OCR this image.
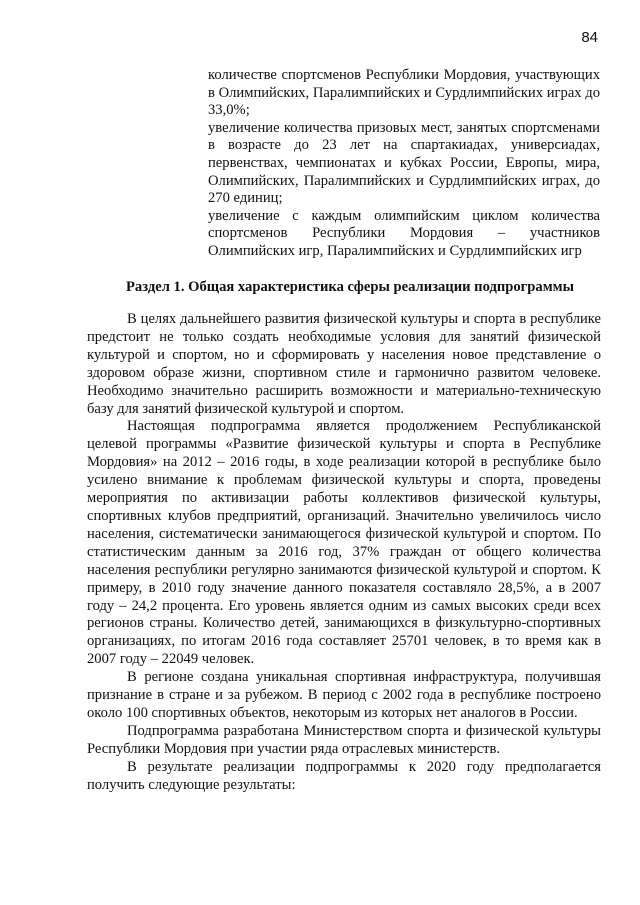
84

количестве спортсменов Республики Мордовия, участвующих в Олимпийских, Паралимпийских и Сурдлимпийских играх до 33,0%;

увеличение количества призовых мест, занятых спортсменами в возрасте до 23 лет на спартакиадах, универсиадах, первенствах, чемпионатах и кубках России, Европы, мира, Олимпийских, Паралимпийских и Сурдлимпийских играх, до 270 единиц;

увеличение с каждым олимпийским циклом количества спортсменов Республики Мордовия – участников Олимпийских игр, Паралимпийских и Сурдлимпийских игр

Раздел 1. Общая характеристика сферы реализации подпрограммы

В целях дальнейшего развития физической культуры и спорта в республике предстоит не только создать необходимые условия для занятий физической культурой и спортом, но и сформировать у населения новое представление о здоровом образе жизни, спортивном стиле и гармонично развитом человеке. Необходимо значительно расширить возможности и материально-техническую базу для занятий физической культурой и спортом.

Настоящая подпрограмма является продолжением Республиканской целевой программы «Развитие физической культуры и спорта в Республике Мордовия» на 2012 – 2016 годы, в ходе реализации которой в республике было усилено внимание к проблемам физической культуры и спорта, проведены мероприятия по активизации работы коллективов физической культуры, спортивных клубов предприятий, организаций. Значительно увеличилось число населения, систематически занимающегося физической культурой и спортом. По статистическим данным за 2016 год, 37% граждан от общего количества населения республики регулярно занимаются физической культурой и спортом. К примеру, в 2010 году значение данного показателя составляло 28,5%, а в 2007 году – 24,2 процента. Его уровень является одним из самых высоких среди всех регионов страны. Количество детей, занимающихся в физкультурно-спортивных организациях, по итогам 2016 года составляет 25701 человек, в то время как в 2007 году – 22049 человек.

В регионе создана уникальная спортивная инфраструктура, получившая признание в стране и за рубежом. В период с 2002 года в республике построено около 100 спортивных объектов, некоторым из которых нет аналогов в России.

Подпрограмма разработана Министерством спорта и физической культуры Республики Мордовия при участии ряда отраслевых министерств.

В результате реализации подпрограммы к 2020 году предполагается получить следующие результаты:
